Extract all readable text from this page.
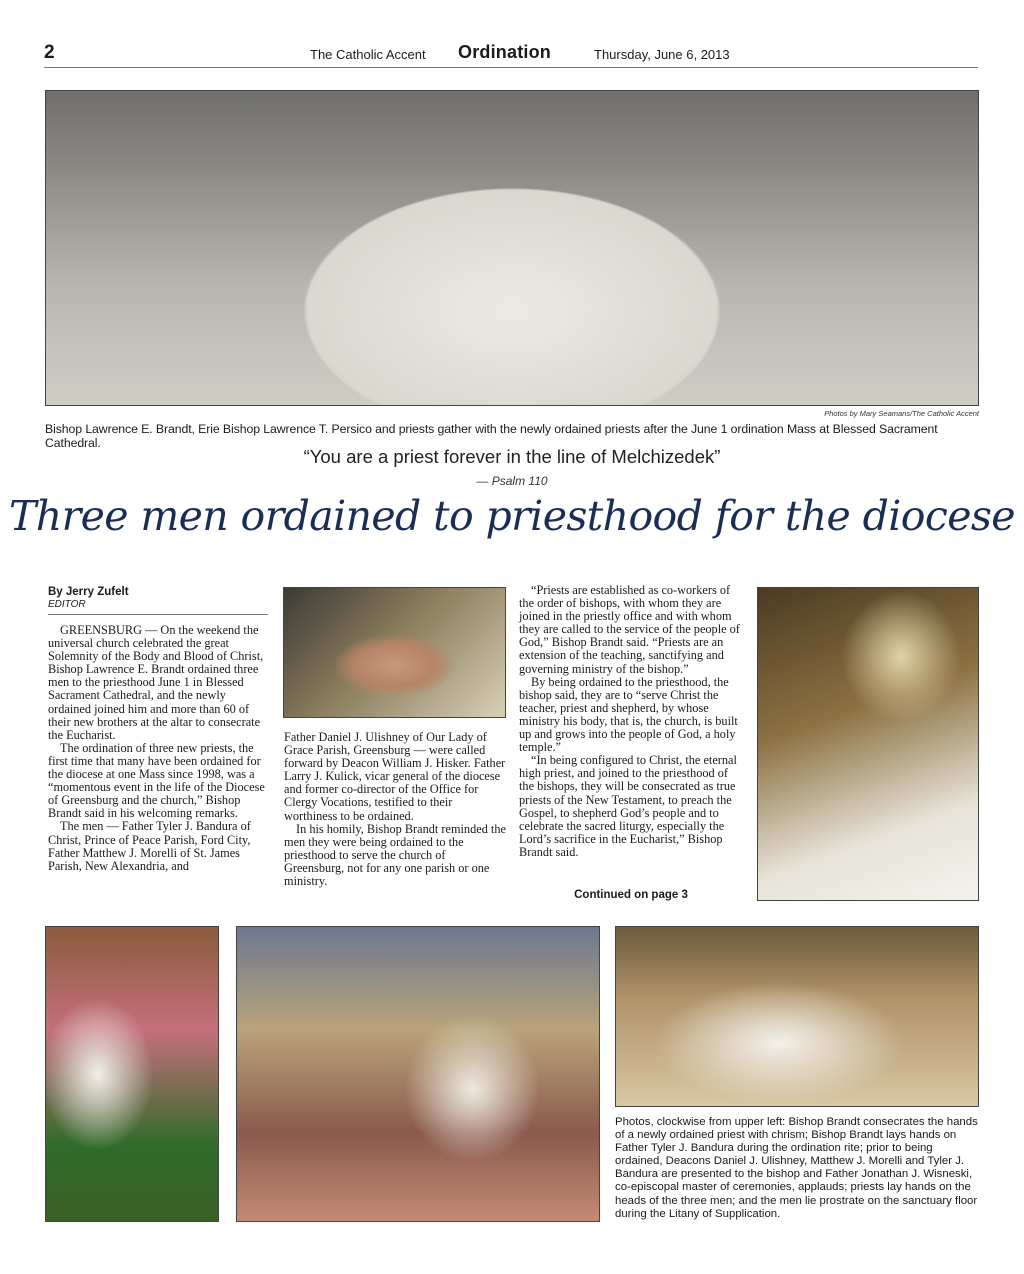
2	The Catholic Accent Ordination	Thursday, June 6, 2013
Photos by Mary Seamans/The Catholic Accent
Bishop Lawrence E. Brandt, Erie Bishop Lawrence T. Persico and priests gather with the newly ordained priests after the June 1 ordination Mass at Blessed Sacrament Cathedral.
“You are a priest forever in the line of Melchizedek”
— Psalm 110
Three men ordained to priesthood for the diocese
By Jerry Zufelt
EDITOR

GREENSBURG — On the weekend the universal church celebrated the great Solemnity of the Body and Blood of Christ, Bishop Lawrence E. Brandt ordained three men to the priesthood June 1 in Blessed Sacrament Cathedral, and the newly ordained joined him and more than 60 of their new brothers at the altar to consecrate the Eucharist.

The ordination of three new priests, the first time that many have been ordained for the diocese at one Mass since 1998, was a “momentous event in the life of the Diocese of Greensburg and the church,” Bishop Brandt said in his welcoming remarks.

The men — Father Tyler J. Bandura of Christ, Prince of Peace Parish, Ford City, Father Matthew J. Morelli of St. James Parish, New Alexandria, and

Father Daniel J. Ulishney of Our Lady of Grace Parish, Greensburg — were called forward by Deacon William J. Hisker. Father Larry J. Kulick, vicar general of the diocese and former co-director of the Office for Clergy Vocations, testified to their worthiness to be ordained.

In his homily, Bishop Brandt reminded the men they were being ordained to the priesthood to serve the church of Greensburg, not for any one parish or one ministry.

“Priests are established as co-workers of the order of bishops, with whom they are joined in the priestly office and with whom they are called to the service of the people of God,” Bishop Brandt said. “Priests are an extension of the teaching, sanctifying and governing ministry of the bishop.”

By being ordained to the priesthood, the bishop said, they are to “serve Christ the teacher, priest and shepherd, by whose ministry his body, that is, the church, is built up and grows into the people of God, a holy temple.”

“In being configured to Christ, the eternal high priest, and joined to the priesthood of the bishops, they will be consecrated as true priests of the New Testament, to preach the Gospel, to shepherd God’s people and to celebrate the sacred liturgy, especially the Lord’s sacrifice in the Eucharist,” Bishop Brandt said.

Continued on page 3
Photos, clockwise from upper left: Bishop Brandt consecrates the hands of a newly ordained priest with chrism; Bishop Brandt lays hands on Father Tyler J. Bandura during the ordination rite; prior to being ordained, Deacons Daniel J. Ulishney, Matthew J. Morelli and Tyler J. Bandura are presented to the bishop and Father Jonathan J. Wisneski, co-episcopal master of ceremonies, applauds; priests lay hands on the heads of the three men; and the men lie prostrate on the sanctuary floor during the Litany of Supplication.
